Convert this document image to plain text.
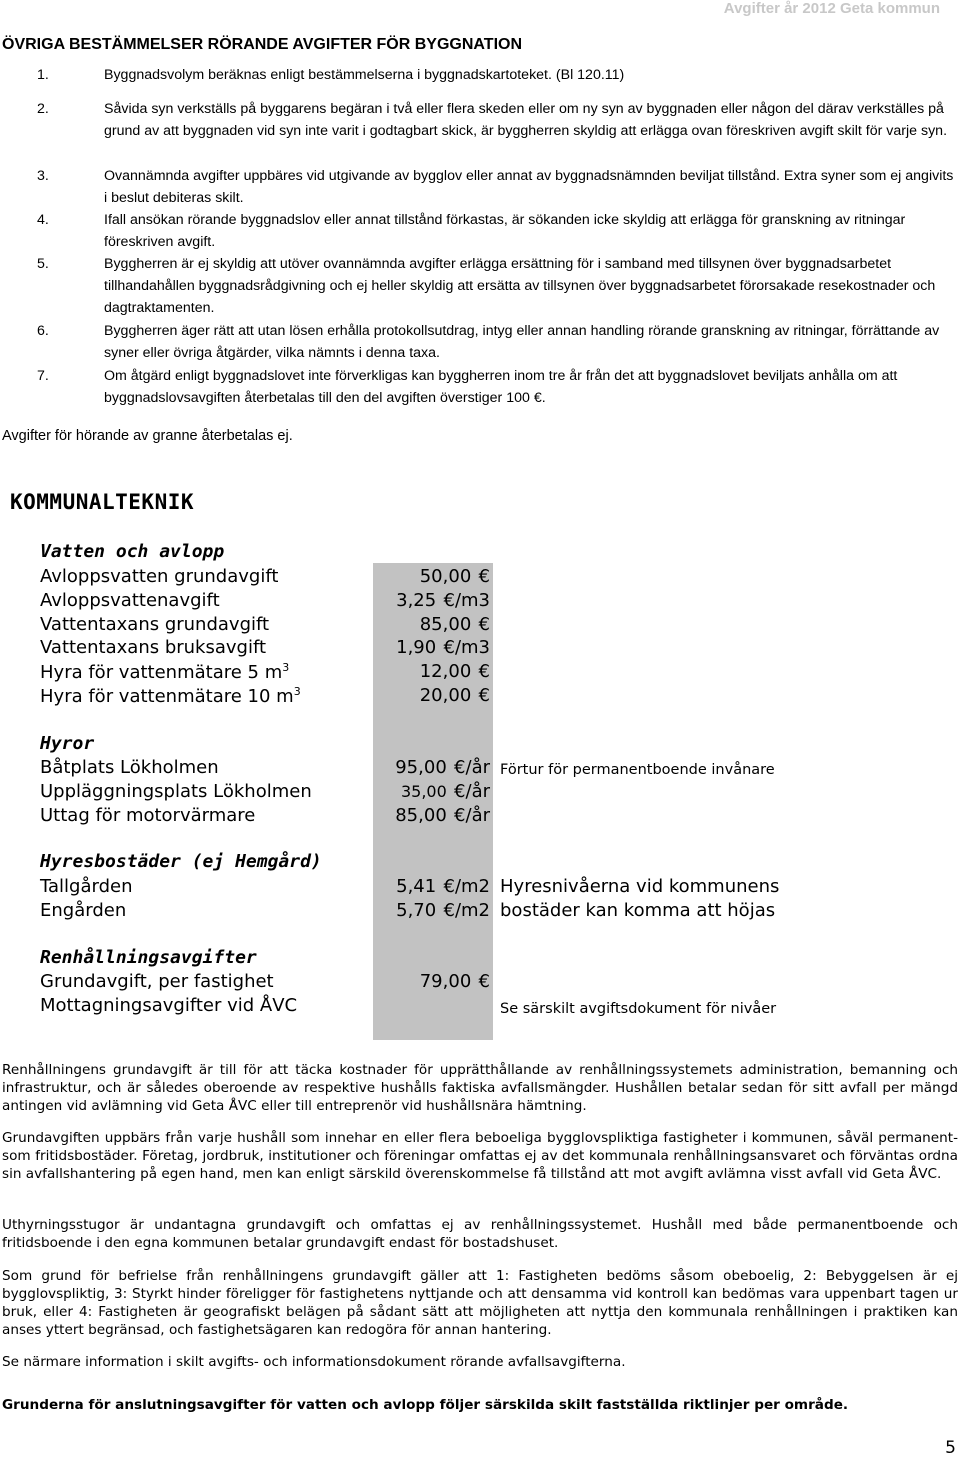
Avgifter år 2012 Geta kommun
ÖVRIGA BESTÄMMELSER RÖRANDE AVGIFTER FÖR BYGGNATION
1.	Byggnadsvolym beräknas enligt bestämmelserna i byggnadskartoteket. (Bl 120.11)
2.	Såvida syn verkställs på byggarens begäran i två eller flera skeden eller om ny syn av byggnaden eller någon del därav verkställes på grund av att byggnaden vid syn inte varit i godtagbart skick, är byggherren skyldig att erlägga ovan föreskriven avgift skilt för varje syn.
3.	Ovannämnda avgifter uppbäres vid utgivande av bygglov eller annat av byggnadsnämnden beviljat tillstånd. Extra syner som ej angivits i beslut debiteras skilt.
4.	Ifall ansökan rörande byggnadslov eller annat tillstånd förkastas, är sökanden icke skyldig att erlägga för granskning av ritningar föreskriven avgift.
5.	Byggherren är ej skyldig att utöver ovannämnda avgifter erlägga ersättning för i samband med tillsynen över byggnadsarbetet tillhandahållen byggnadsrådgivning och ej heller skyldig att ersätta av tillsynen över byggnadsarbetet förorsakade resekostnader och dagtraktamenten.
6.	Byggherren äger rätt att utan lösen erhålla protokollsutdrag, intyg eller annan handling rörande granskning av ritningar, förrättande av syner eller övriga åtgärder, vilka nämnts i denna taxa.
7.	Om åtgärd enligt byggnadslovet inte förverkligas kan byggherren inom tre år från det att byggnadslovet beviljats anhålla om att byggnadslovsavgiften återbetalas till den del avgiften överstiger 100 €.
Avgifter för hörande av granne återbetalas ej.
KOMMUNALTEKNIK
Vatten och avlopp
Avloppsvatten grundavgift	50,00 €
Avloppsvattenavgift	3,25 €/m3
Vattentaxans grundavgift	85,00 €
Vattentaxans bruksavgift	1,90 €/m3
Hyra för vattenmätare 5 $m^3$	12,00 €
Hyra för vattenmätare 10 $m^3$	20,00 €
Hyror
Båtplats Lökholmen	95,00 €/år Förtur för permanentboende invånare
Uppläggningsplats Lökholmen	35,00 €/år
Uttag för motorvärmare	85,00 €/år
Hyresbostäder (ej Hemgård)
Tallgården	5,41 €/m2 Hyresnivåerna vid kommunens
Engården	5,70 €/m2 bostäder kan komma att höjas
Renhållningsavgifter
Grundavgift, per fastighet	79,00 €
Mottagningsavgifter vid ÅVC	Se särskilt avgiftsdokument för nivåer
Renhållningens grundavgift är till för att täcka kostnader för upprätthållande av renhållningssystemets administration, bemanning och infrastruktur, och är således oberoende av respektive hushålls faktiska avfallsmängder. Hushållen betalar sedan för sitt avfall per mängd antingen vid avlämning vid Geta ÅVC eller till entreprenör vid hushållsnära hämtning.
Grundavgiften uppbärs från varje hushåll som innehar en eller flera beboeliga bygglovspliktiga fastigheter i kommunen, såväl permanent- som fritidsbostäder. Företag, jordbruk, institutioner och föreningar omfattas ej av det kommunala renhållningsansvaret och förväntas ordna sin avfallshantering på egen hand, men kan enligt särskild överenskommelse få tillstånd att mot avgift avlämna visst avfall vid Geta ÅVC.
Uthyrningsstugor är undantagna grundavgift och omfattas ej av renhållningssystemet. Hushåll med både permanentboende och fritidsboende i den egna kommunen betalar grundavgift endast för bostadshuset.
Som grund för befrielse från renhållningens grundavgift gäller att 1: Fastigheten bedöms såsom obeboelig, 2: Bebyggelsen är ej bygglovspliktig, 3: Styrkt hinder föreligger för fastighetens nyttjande och att densamma vid kontroll kan bedömas vara uppenbart tagen ur bruk, eller 4: Fastigheten är geografiskt belägen på sådant sätt att möjligheten att nyttja den kommunala renhållningen i praktiken kan anses yttert begränsad, och fastighetsägaren kan redogöra för annan hantering.
Se närmare information i skilt avgifts- och informationsdokument rörande avfallsavgifterna.
Grunderna för anslutningsavgifter för vatten och avlopp följer särskilda skilt fastställda riktlinjer per område.
5
